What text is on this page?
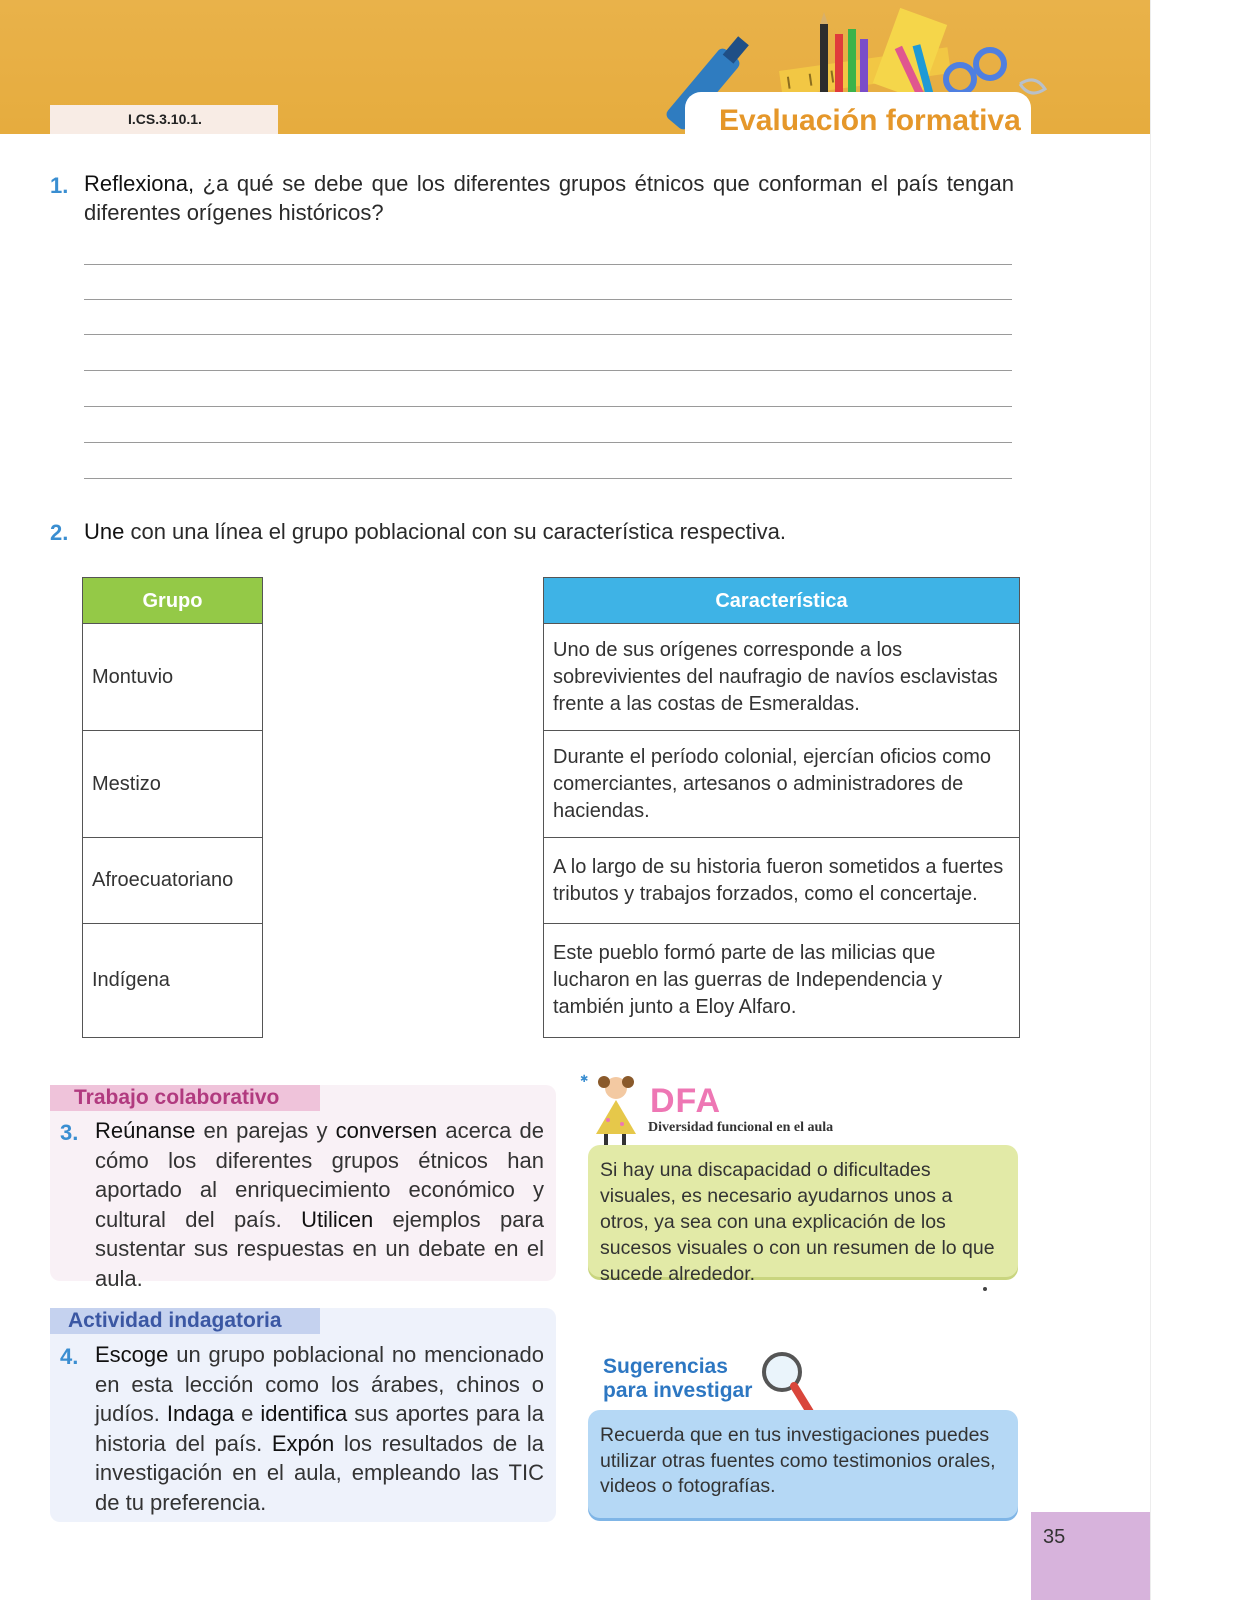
I.CS.3.10.1.	Evaluación formativa
1. Reflexiona, ¿a qué se debe que los diferentes grupos étnicos que conforman el país tengan diferentes orígenes históricos?
2. Une con una línea el grupo poblacional con su característica respectiva.
Grupo
Montuvio
Mestizo
Afroecuatoriano
Indígena
Característica
Uno de sus orígenes corresponde a los sobrevivientes del naufragio de navíos esclavistas frente a las costas de Esmeraldas.
Durante el período colonial, ejercían oficios como comerciantes, artesanos o administradores de haciendas.
A lo largo de su historia fueron sometidos a fuertes tributos y trabajos forzados, como el concertaje.
Este pueblo formó parte de las milicias que lucharon en las guerras de Independencia y también junto a Eloy Alfaro.
Trabajo colaborativo
3. Reúnanse en parejas y conversen acerca de cómo los diferentes grupos étnicos han aportado al enriquecimiento económico y cultural del país. Utilicen ejemplos para sustentar sus respuestas en un debate en el aula.
Actividad indagatoria
4. Escoge un grupo poblacional no mencionado en esta lección como los árabes, chinos o judíos. Indaga e identifica sus aportes para la historia del país. Expón los resultados de la investigación en el aula, empleando las TIC de tu preferencia.
✱
DFA
Diversidad funcional en el aula
Si hay una discapacidad o dificultades visuales, es necesario ayudarnos unos a otros, ya sea con una explicación de los sucesos visuales o con un resumen de lo que sucede alrededor.
Sugerencias
para investigar
Recuerda que en tus investigaciones puedes utilizar otras fuentes como testimonios orales, videos o fotografías.
35
